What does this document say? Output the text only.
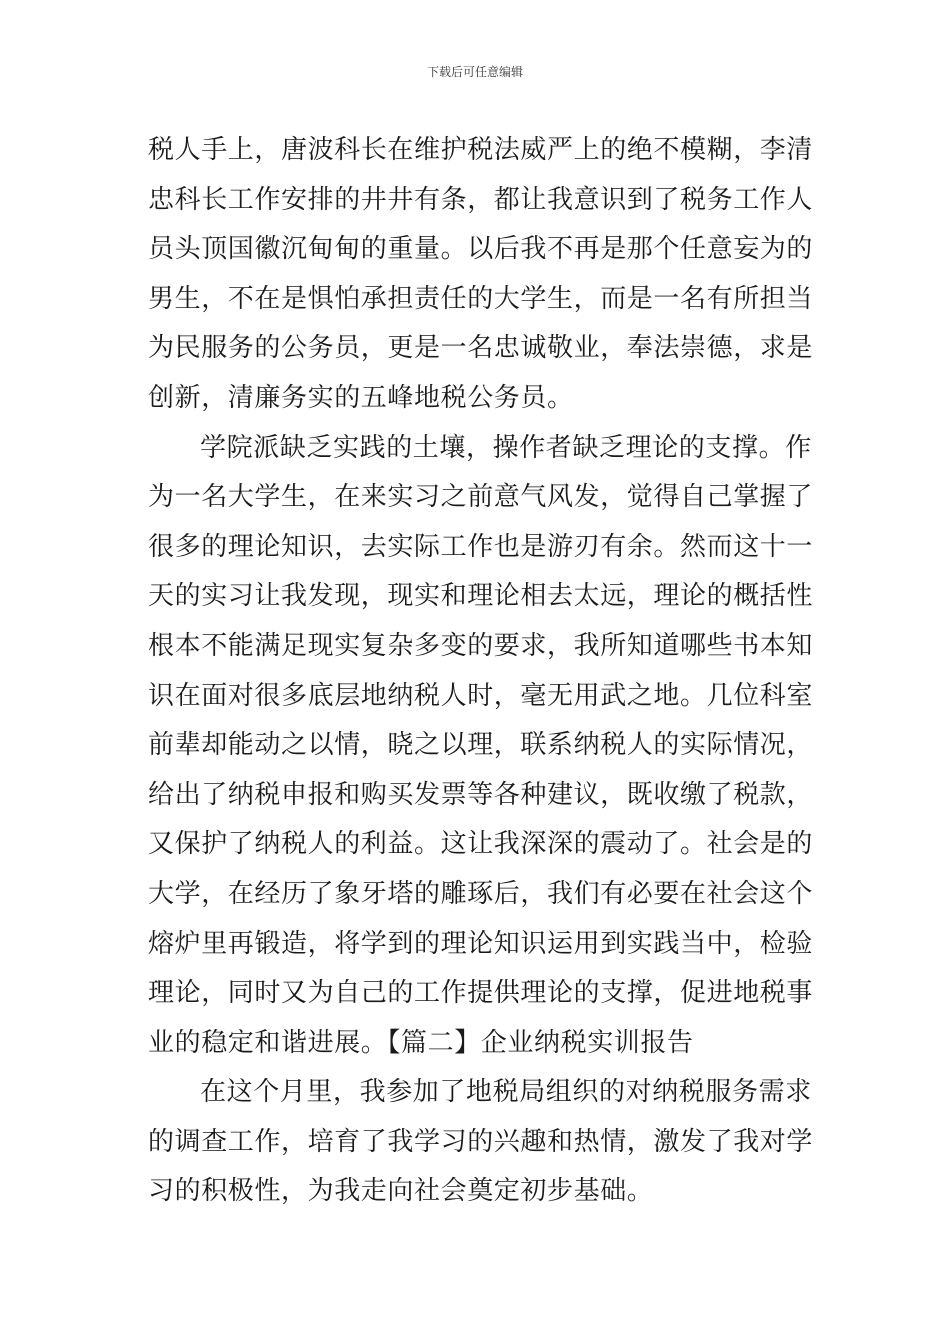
下载后可任意编辑
税人手上，唐波科长在维护税法威严上的绝不模糊，李清
忠科长工作安排的井井有条，都让我意识到了税务工作人
员头顶国徽沉甸甸的重量。以后我不再是那个任意妄为的
男生，不在是惧怕承担责任的大学生，而是一名有所担当
为民服务的公务员，更是一名忠诚敬业，奉法崇德，求是
创新，清廉务实的五峰地税公务员。
学院派缺乏实践的土壤，操作者缺乏理论的支撑。作
为一名大学生，在来实习之前意气风发，觉得自己掌握了
很多的理论知识，去实际工作也是游刃有余。然而这十一
天的实习让我发现，现实和理论相去太远，理论的概括性
根本不能满足现实复杂多变的要求，我所知道哪些书本知
识在面对很多底层地纳税人时，毫无用武之地。几位科室
前辈却能动之以情，晓之以理，联系纳税人的实际情况，
给出了纳税申报和购买发票等各种建议，既收缴了税款，
又保护了纳税人的利益。这让我深深的震动了。社会是的
大学，在经历了象牙塔的雕琢后，我们有必要在社会这个
熔炉里再锻造，将学到的理论知识运用到实践当中，检验
理论，同时又为自己的工作提供理论的支撑，促进地税事
业的稳定和谐进展。【篇二】企业纳税实训报告
在这个月里，我参加了地税局组织的对纳税服务需求
的调查工作，培育了我学习的兴趣和热情，激发了我对学
习的积极性，为我走向社会奠定初步基础。
